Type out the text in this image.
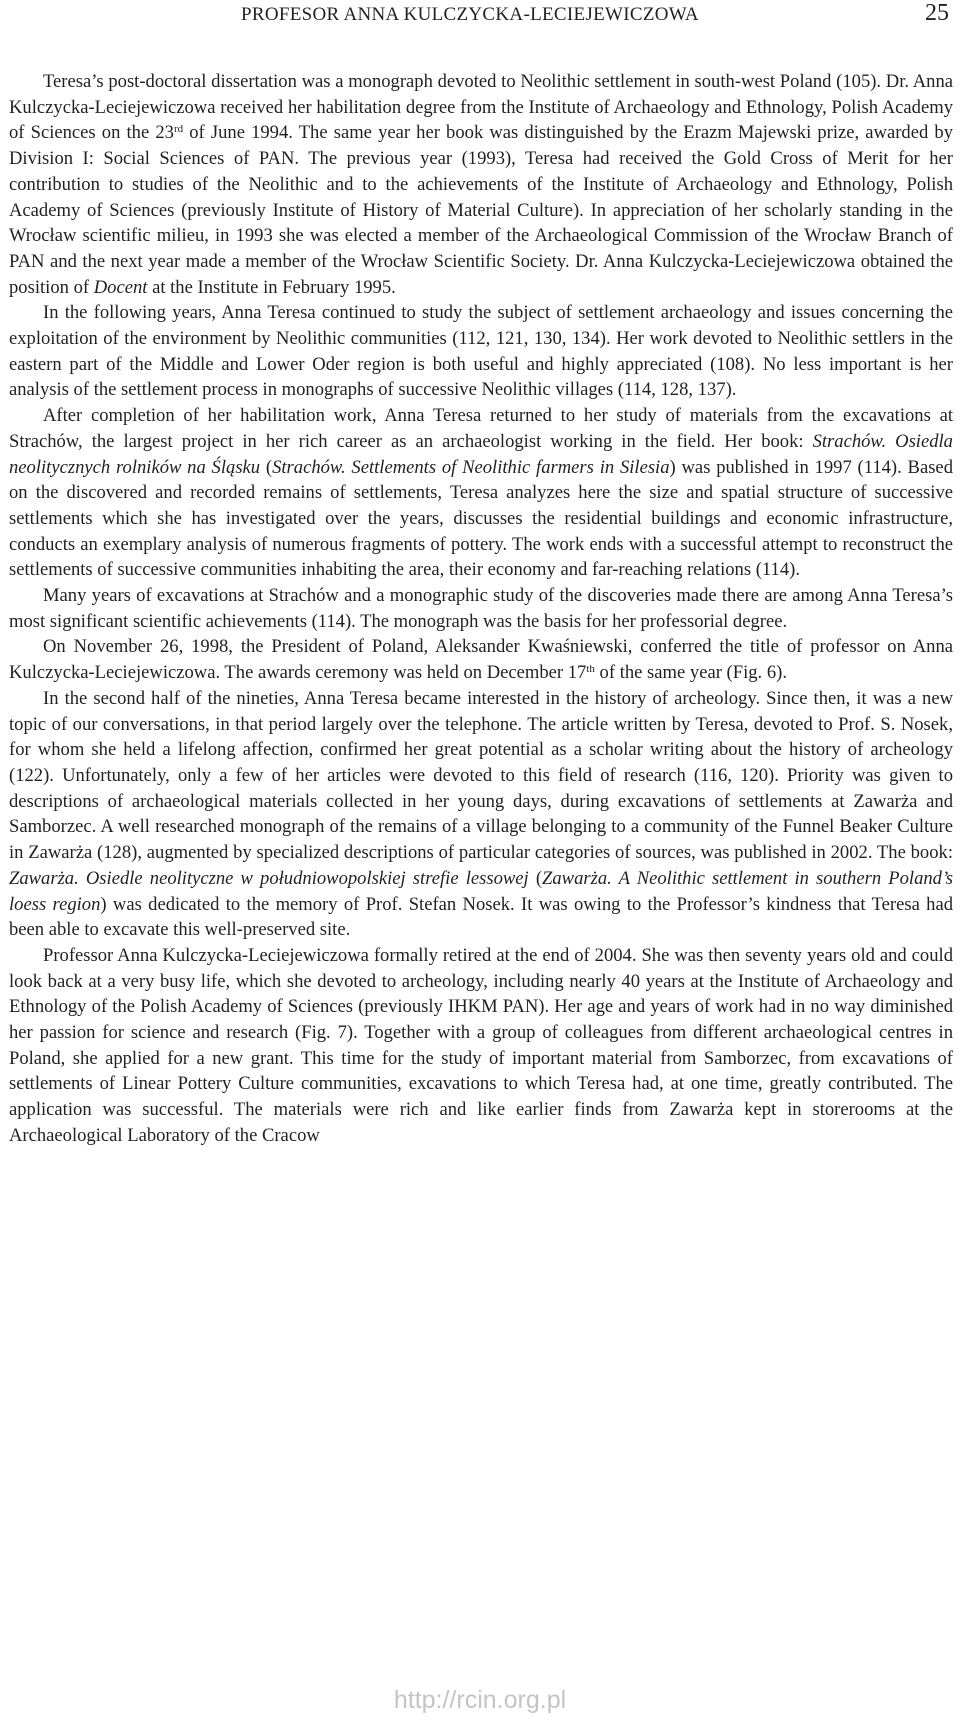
PROFESOR ANNA KULCZYCKA-LECIEJEWICZOWA	25

Teresa’s post-doctoral dissertation was a monograph devoted to Neolithic settlement in south-west Poland (105). Dr. Anna Kulczycka-Leciejewiczowa received her habilitation degree from the Institute of Archaeology and Ethnology, Polish Academy of Sciences on the 23rd of June 1994. The same year her book was distinguished by the Erazm Majewski prize, awarded by Division I: Social Sciences of PAN. The previous year (1993), Teresa had received the Gold Cross of Merit for her contribution to studies of the Neolithic and to the achievements of the Institute of Archaeology and Ethnology, Polish Academy of Sciences (previously Institute of History of Material Culture). In appreciation of her scholarly standing in the Wrocław scientific milieu, in 1993 she was elected a member of the Archaeological Commission of the Wrocław Branch of PAN and the next year made a member of the Wrocław Scientific Society. Dr. Anna Kulczycka-Leciejewiczowa obtained the position of Docent at the Institute in February 1995.

In the following years, Anna Teresa continued to study the subject of settlement archaeology and issues concerning the exploitation of the environment by Neolithic communities (112, 121, 130, 134). Her work devoted to Neolithic settlers in the eastern part of the Middle and Lower Oder region is both useful and highly appreciated (108). No less important is her analysis of the settlement process in monographs of successive Neolithic villages (114, 128, 137).

After completion of her habilitation work, Anna Teresa returned to her study of materials from the excavations at Strachów, the largest project in her rich career as an archaeologist working in the field. Her book: Strachów. Osiedla neolitycznych rolników na Śląsku (Strachów. Settlements of Neolithic farmers in Silesia) was published in 1997 (114). Based on the discovered and recorded remains of settlements, Teresa analyzes here the size and spatial structure of successive settlements which she has investigated over the years, discusses the residential buildings and economic infrastructure, conducts an exemplary analysis of numerous fragments of pottery. The work ends with a successful attempt to reconstruct the settlements of successive communities inhabiting the area, their economy and far-reaching relations (114).

Many years of excavations at Strachów and a monographic study of the discoveries made there are among Anna Teresa’s most significant scientific achievements (114). The monograph was the basis for her professorial degree.

On November 26, 1998, the President of Poland, Aleksander Kwaśniewski, conferred the title of professor on Anna Kulczycka-Leciejewiczowa. The awards ceremony was held on December 17th of the same year (Fig. 6).

In the second half of the nineties, Anna Teresa became interested in the history of archeology. Since then, it was a new topic of our conversations, in that period largely over the telephone. The article written by Teresa, devoted to Prof. S. Nosek, for whom she held a lifelong affection, confirmed her great potential as a scholar writing about the history of archeology (122). Unfortunately, only a few of her articles were devoted to this field of research (116, 120). Priority was given to descriptions of archaeological materials collected in her young days, during excavations of settlements at Zawarża and Samborzec. A well researched monograph of the remains of a village belonging to a community of the Funnel Beaker Culture in Zawarża (128), augmented by specialized descriptions of particular categories of sources, was published in 2002. The book: Zawarża. Osiedle neolityczne w południowopolskiej strefie lessowej (Zawarża. A Neolithic settlement in southern Poland’s loess region) was dedicated to the memory of Prof. Stefan Nosek. It was owing to the Professor’s kindness that Teresa had been able to excavate this well-preserved site.

Professor Anna Kulczycka-Leciejewiczowa formally retired at the end of 2004. She was then seventy years old and could look back at a very busy life, which she devoted to archeology, including nearly 40 years at the Institute of Archaeology and Ethnology of the Polish Academy of Sciences (previously IHKM PAN). Her age and years of work had in no way diminished her passion for science and research (Fig. 7). Together with a group of colleagues from different archaeological centres in Poland, she applied for a new grant. This time for the study of important material from Samborzec, from excavations of settlements of Linear Pottery Culture communities, excavations to which Teresa had, at one time, greatly contributed. The application was successful. The materials were rich and like earlier finds from Zawarża kept in storerooms at the Archaeological Laboratory of the Cracow

http://rcin.org.pl
